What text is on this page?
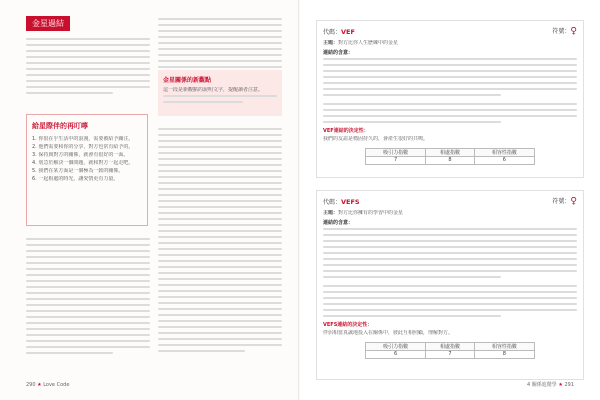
金星過結
給星際伴的再叮嚀
1. 你很在乎生活中的浪漫，需要被給予關注。
2. 他們需要和你的分享，對方也常有給予的。
3. 保持與對方的關係，就會有很好的一面。
4. 別急於解決一個問題，就和對方一起走吧。
5. 我們在某方面是一個極為一致的關係。
6. 一起相處的時光，讓愛情更有力量。
金星關係的新觀點
這一段是新觀點的說明文字，提醒讀者注意。
290 ★ Love Code	4 關係進階學 ★ 291
代碼：VEF	符號：♀
主題：對方比你人生歷練中的金星
連結的含意：
VEF連結的決定性：
我們的友誼是穩固持久的，會產生很好的共鳴。
吸引力指數	相處指數	相容性指數
7	8	6
代碼：VEFS	符號：♀
主題：對方比你擁有的學習中的金星
連結的含意：
VEFS連結的決定性：
伴侶相當真誠地投入在關係中，彼此互相照顧，理解對方。
吸引力指數	相處指數	相容性指數
6	7	8
